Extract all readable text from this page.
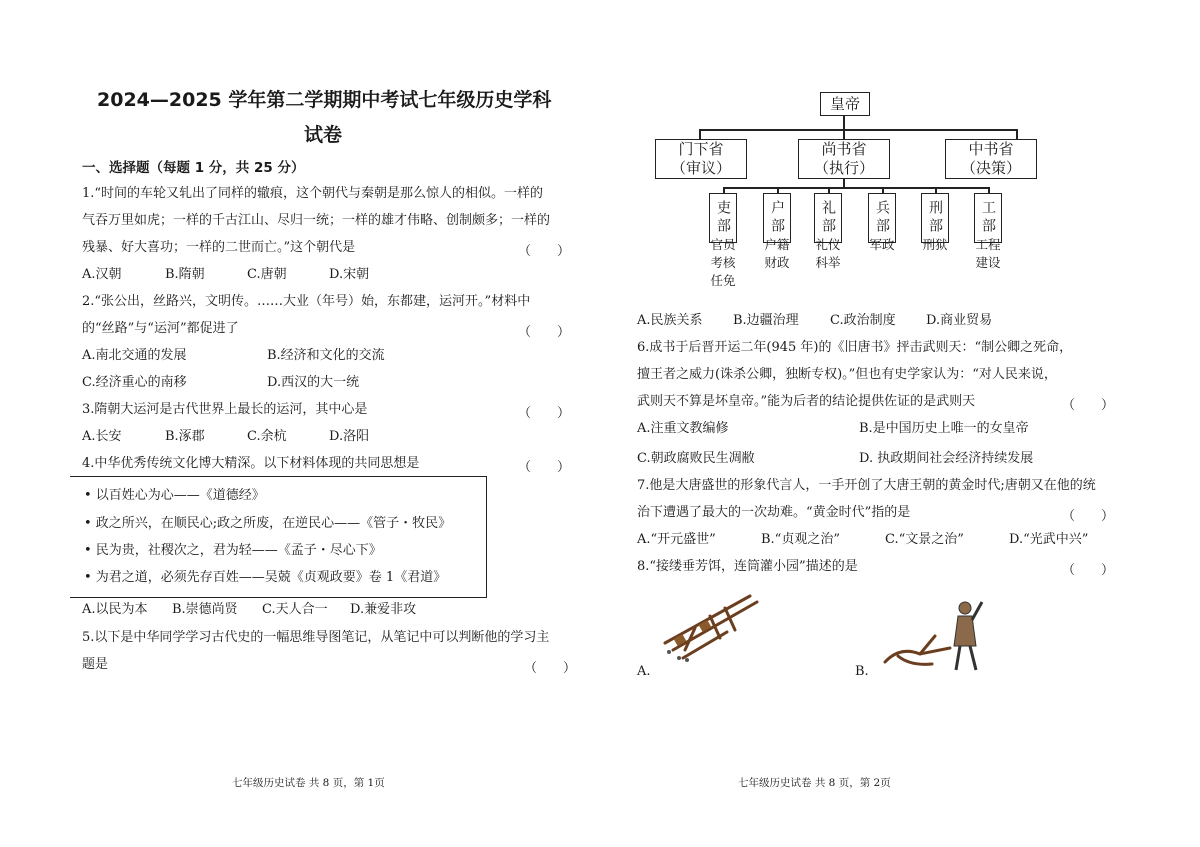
2024—2025 学年第二学期期中考试七年级历史学科
试卷
一、选择题（每题 1 分，共 25 分）
1.“时间的车轮又轧出了同样的辙痕，这个朝代与秦朝是那么惊人的相似。一样的
气吞万里如虎；一样的千古江山、尽归一统；一样的雄才伟略、创制颇多；一样的
残暴、好大喜功；一样的二世而亡。”这个朝代是	（　　）
A.汉朝	B.隋朝	C.唐朝	D.宋朝
2.“张公出，丝路兴，文明传。……大业（年号）始，东都建，运河开。”材料中
的“丝路”与“运河”都促进了	（　　）
A.南北交通的发展	B.经济和文化的交流
C.经济重心的南移	D.西汉的大一统
3.隋朝大运河是古代世界上最长的运河，其中心是	（　　）
A.长安	B.涿郡	C.余杭	D.洛阳
4.中华优秀传统文化博大精深。以下材料体现的共同思想是	（　　）
• 以百姓心为心——《道德经》
• 政之所兴，在顺民心;政之所废，在逆民心——《管子・牧民》
• 民为贵，社稷次之，君为轻——《孟子・尽心下》
• 为君之道，必须先存百姓——吴兢《贞观政要》卷 1《君道》
A.以民为本 B.崇德尚贤 C.天人合一 D.兼爱非攻
5.以下是中华同学学习古代史的一幅思维导图笔记，从笔记中可以判断他的学习主
题是	（　　）
七年级历史试卷 共 8 页，第 1页
皇帝
门下省
（审议）
尚书省
（执行）
中书省
（决策）
吏部
官员考核任免
户部
户籍财政
礼部
礼仪科举
兵部
军政
刑部
刑狱
工部
工程建设
A.民族关系 B.边疆治理 C.政治制度 D.商业贸易
6.成书于后晋开运二年(945 年)的《旧唐书》抨击武则天：“制公卿之死命，
擅王者之威力(诛杀公卿，独断专权)。”但也有史学家认为：“对人民来说，
武则天不算是坏皇帝。”能为后者的结论提供佐证的是武则天	（　　）
A.注重文教编修	B.是中国历史上唯一的女皇帝
C.朝政腐败民生凋敝	D. 执政期间社会经济持续发展
7.他是大唐盛世的形象代言人，一手开创了大唐王朝的黄金时代;唐朝又在他的统
治下遭遇了最大的一次劫难。“黄金时代”指的是	（　　）
A.“开元盛世”	B.“贞观之治”	C.“文景之治”	D.“光武中兴”
8.“接缕垂芳饵，连筒灌小园”描述的是	（　　）
A.	B.
七年级历史试卷 共 8 页，第 2页
